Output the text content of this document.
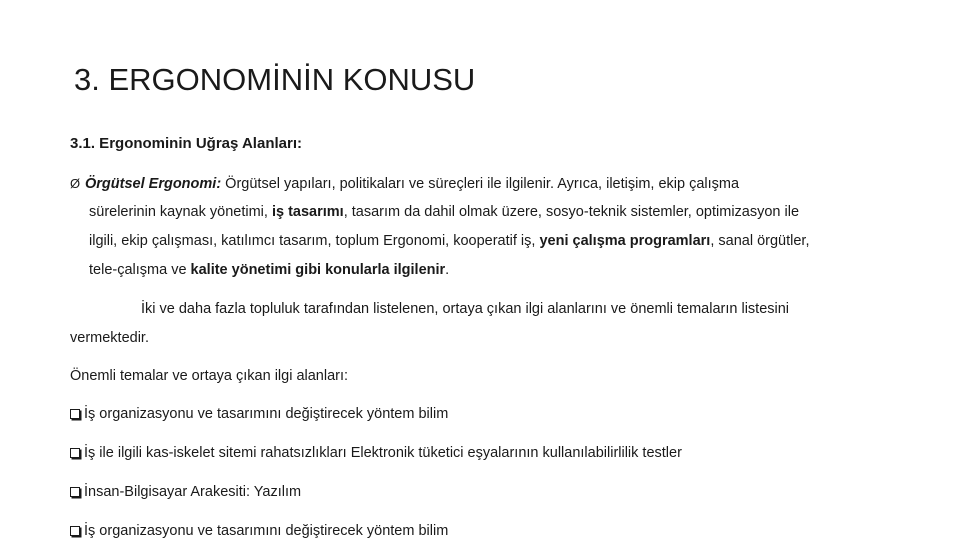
3. ERGONOMİNİN KONUSU
3.1. Ergonominin Uğraş Alanları:
Ø Örgütsel Ergonomi: Örgütsel yapıları, politikaları ve süreçleri ile ilgilenir. Ayrıca, iletişim, ekip çalışma
sürelerinin kaynak yönetimi, iş tasarımı, tasarım da dahil olmak üzere, sosyo-teknik sistemler, optimizasyon ile
ilgili, ekip çalışması, katılımcı tasarım, toplum Ergonomi, kooperatif iş, yeni çalışma programları, sanal örgütler,
tele-çalışma ve kalite yönetimi gibi konularla ilgilenir.
İki ve daha fazla topluluk tarafından listelenen, ortaya çıkan ilgi alanlarını ve önemli temaların listesini
vermektedir.
Önemli temalar ve ortaya çıkan ilgi alanları:
İş organizasyonu ve tasarımını değiştirecek yöntem bilim
İş ile ilgili kas-iskelet sitemi rahatsızlıkları Elektronik tüketici eşyalarının kullanılabilirlilik testler
İnsan-Bilgisayar Arakesiti: Yazılım
İş organizasyonu ve tasarımını değiştirecek yöntem bilim
